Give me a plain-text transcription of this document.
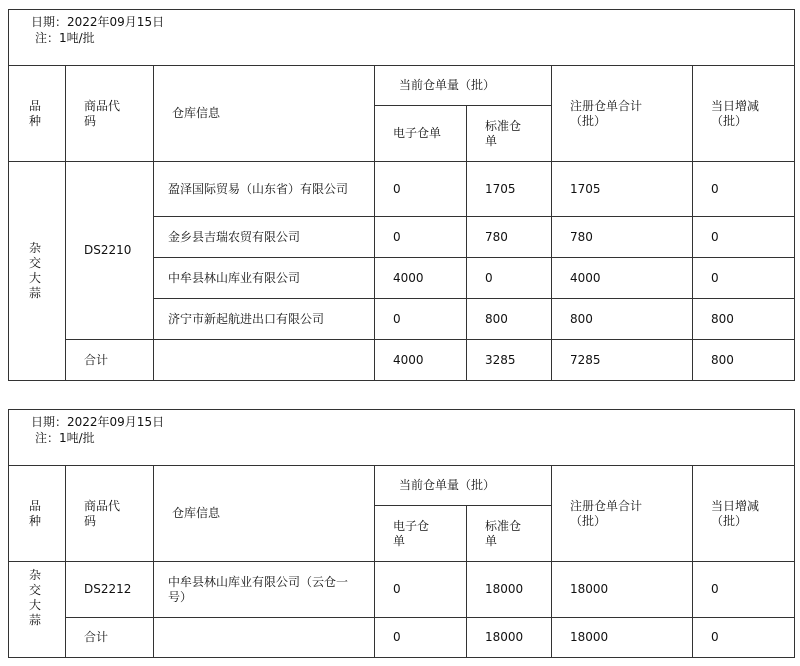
日期：2022年09月15日
注：1吨/批						

品种	商品代码	仓库信息	当前仓单量（批）		注册仓单合计（批）	当日增减（批）

			电子仓单	标准仓单		

杂交大蒜	DS2210	盈泽国际贸易（山东省）有限公司	0	1705	1705	0
		金乡县吉瑞农贸有限公司	0	780	780	0
		中牟县林山库业有限公司	4000	0	4000	0
		济宁市新起航进出口有限公司	0	800	800	800
	合计		4000	3285	7285	800
日期：2022年09月15日
注：1吨/批						

品种	商品代码	仓库信息	当前仓单量（批）		注册仓单合计（批）	当日增减（批）

			电子仓单	标准仓单		

杂交大蒜	DS2212	中牟县林山库业有限公司（云仓一号）	0	18000	18000	0
	合计		0	18000	18000	0
